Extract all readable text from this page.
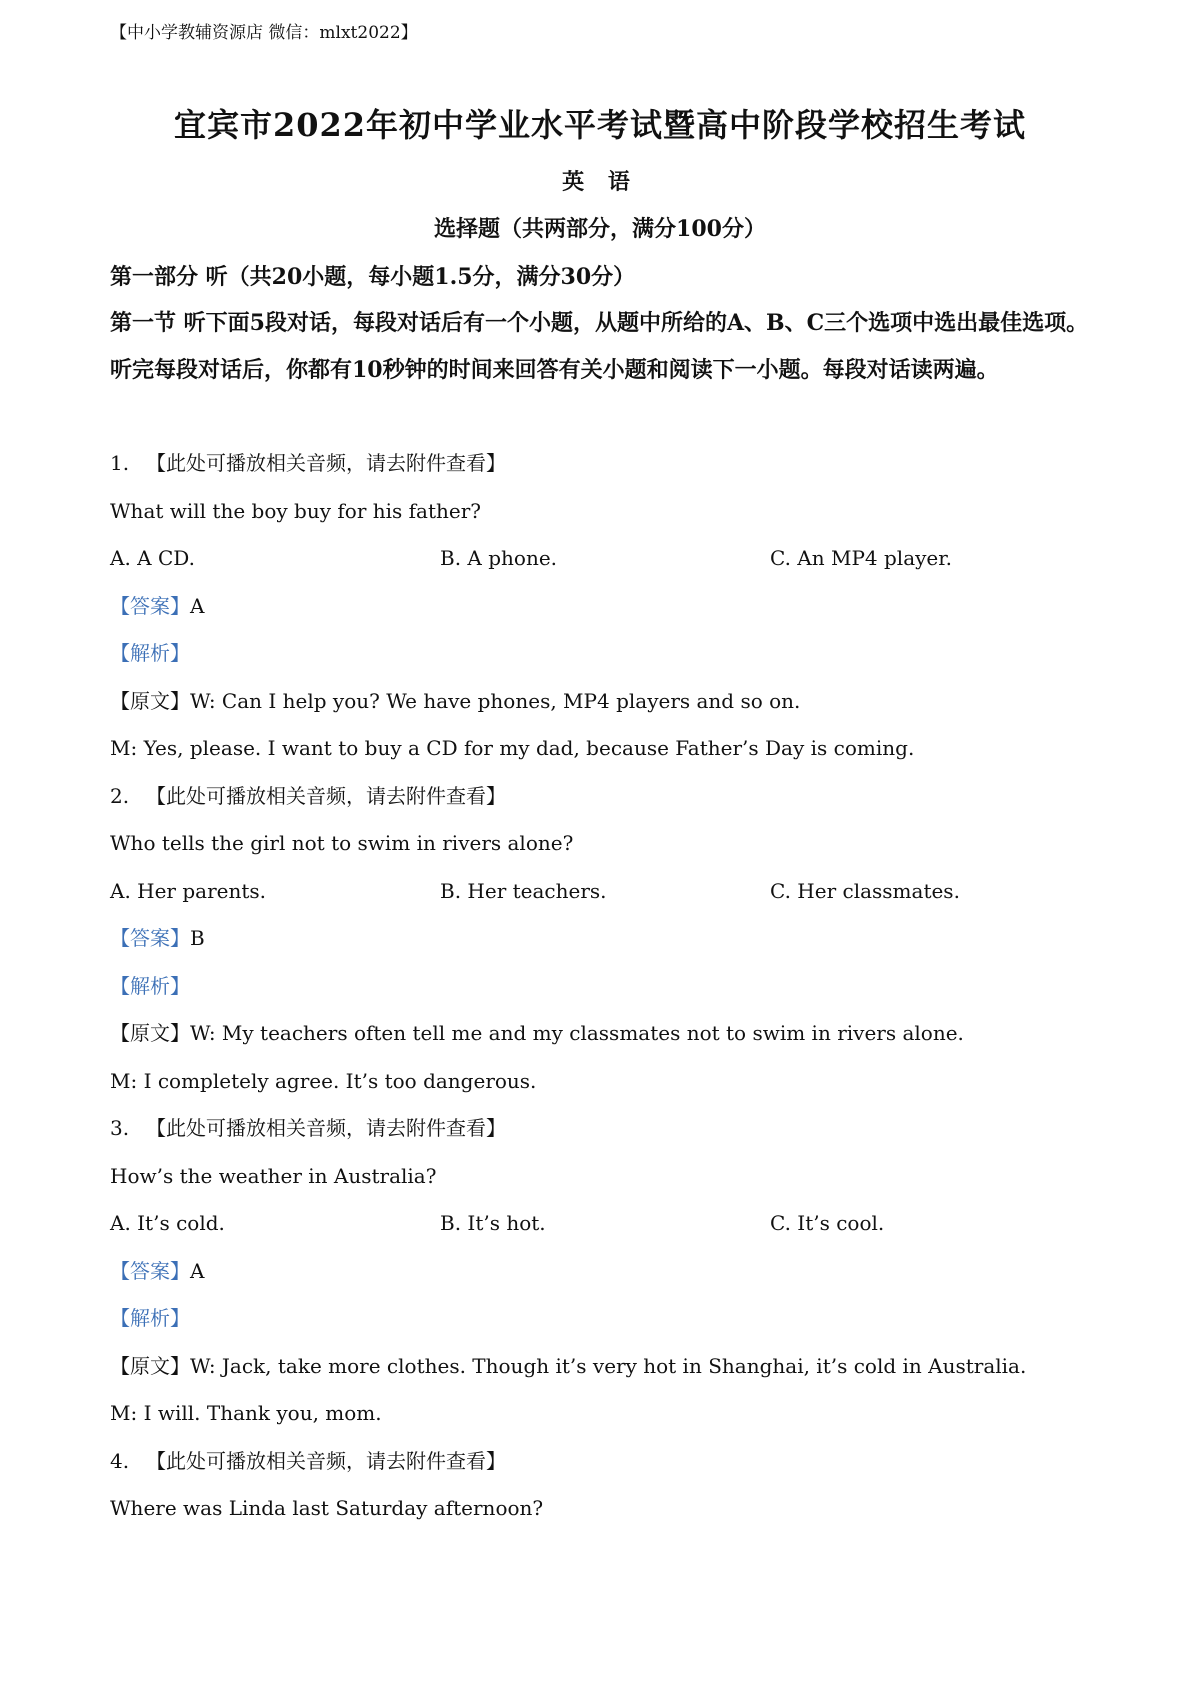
【中小学教辅资源店 微信：mlxt2022】
宜宾市2022年初中学业水平考试暨高中阶段学校招生考试
英 语
选择题（共两部分，满分100分）
第一部分 听（共20小题，每小题1.5分，满分30分）
第一节 听下面5段对话，每段对话后有一个小题，从题中所给的A、B、C三个选项中选出最佳选项。听完每段对话后，你都有10秒钟的时间来回答有关小题和阅读下一小题。每段对话读两遍。
1. 【此处可播放相关音频，请去附件查看】
What will the boy buy for his father?
A. A CD.	B. A phone.	C. An MP4 player.
【答案】A
【解析】
【原文】W: Can I help you? We have phones, MP4 players and so on.
M: Yes, please. I want to buy a CD for my dad, because Father’s Day is coming.
2. 【此处可播放相关音频，请去附件查看】
Who tells the girl not to swim in rivers alone?
A. Her parents.	B. Her teachers.	C. Her classmates.
【答案】B
【解析】
【原文】W: My teachers often tell me and my classmates not to swim in rivers alone.
M: I completely agree. It’s too dangerous.
3. 【此处可播放相关音频，请去附件查看】
How’s the weather in Australia?
A. It’s cold.	B. It’s hot.	C. It’s cool.
【答案】A
【解析】
【原文】W: Jack, take more clothes. Though it’s very hot in Shanghai, it’s cold in Australia.
M: I will. Thank you, mom.
4. 【此处可播放相关音频，请去附件查看】
Where was Linda last Saturday afternoon?
